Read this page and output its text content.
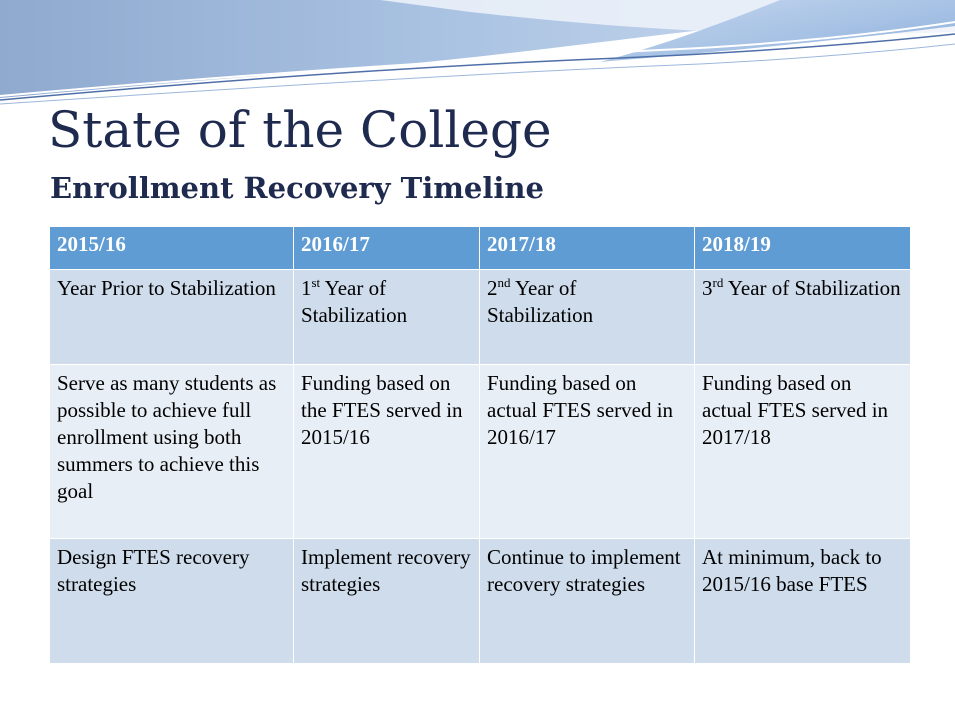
State of the College
Enrollment Recovery Timeline
2015/16	2016/17	2017/18	2018/19
Year Prior to Stabilization	1st Year of Stabilization	2nd Year of Stabilization	3rd Year of Stabilization
Serve as many students as possible to achieve full enrollment using both summers to achieve this goal	Funding based on the FTES served in 2015/16	Funding based on actual FTES served in 2016/17	Funding based on actual FTES served in 2017/18
Design FTES recovery strategies	Implement recovery strategies	Continue to implement recovery strategies	At minimum, back to 2015/16 base FTES
